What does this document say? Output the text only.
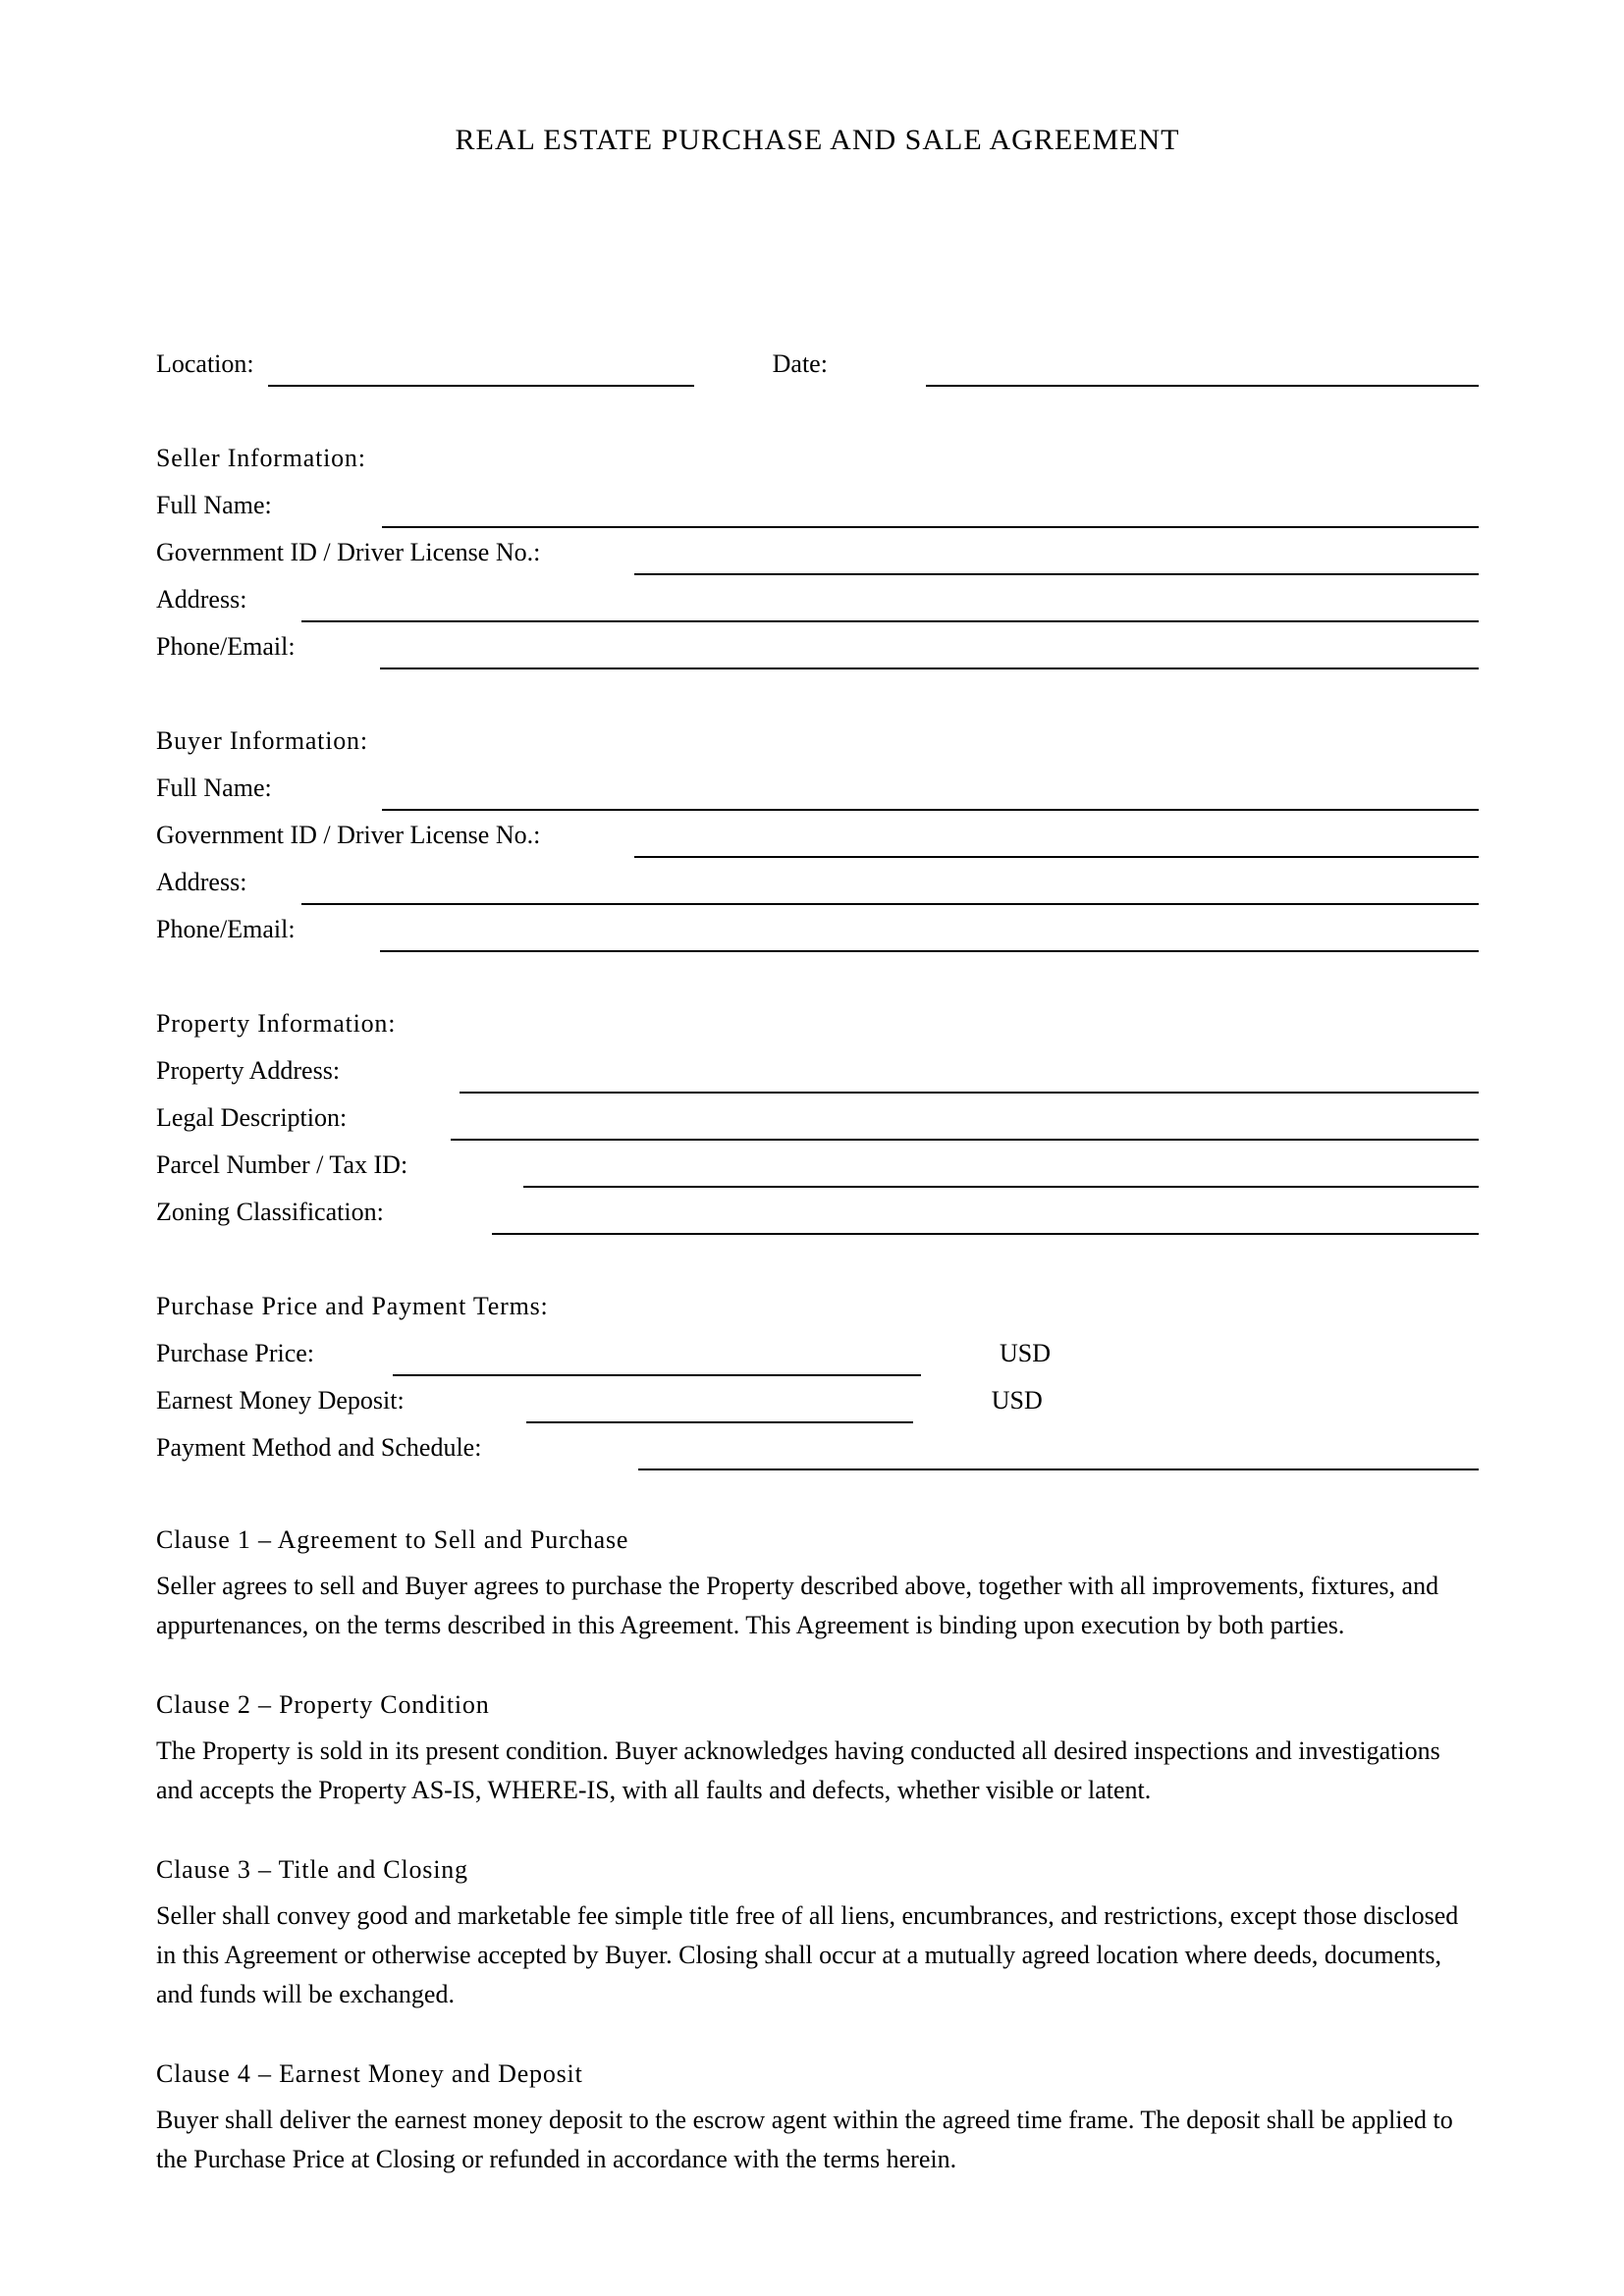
REAL ESTATE PURCHASE AND SALE AGREEMENT
Location:	Date:
Seller Information:
Full Name:
Government ID / Driver License No.:
Address:
Phone/Email:
Buyer Information:
Full Name:
Government ID / Driver License No.:
Address:
Phone/Email:
Property Information:
Property Address:
Legal Description:
Parcel Number / Tax ID:
Zoning Classification:
Purchase Price and Payment Terms:
Purchase Price:	USD
Earnest Money Deposit:	USD
Payment Method and Schedule:
Clause 1 – Agreement to Sell and Purchase
Seller agrees to sell and Buyer agrees to purchase the Property described above, together with all improvements, fixtures, and appurtenances, on the terms described in this Agreement. This Agreement is binding upon execution by both parties.
Clause 2 – Property Condition
The Property is sold in its present condition. Buyer acknowledges having conducted all desired inspections and investigations and accepts the Property AS-IS, WHERE-IS, with all faults and defects, whether visible or latent.
Clause 3 – Title and Closing
Seller shall convey good and marketable fee simple title free of all liens, encumbrances, and restrictions, except those disclosed in this Agreement or otherwise accepted by Buyer. Closing shall occur at a mutually agreed location where deeds, documents, and funds will be exchanged.
Clause 4 – Earnest Money and Deposit
Buyer shall deliver the earnest money deposit to the escrow agent within the agreed time frame. The deposit shall be applied to the Purchase Price at Closing or refunded in accordance with the terms herein.
